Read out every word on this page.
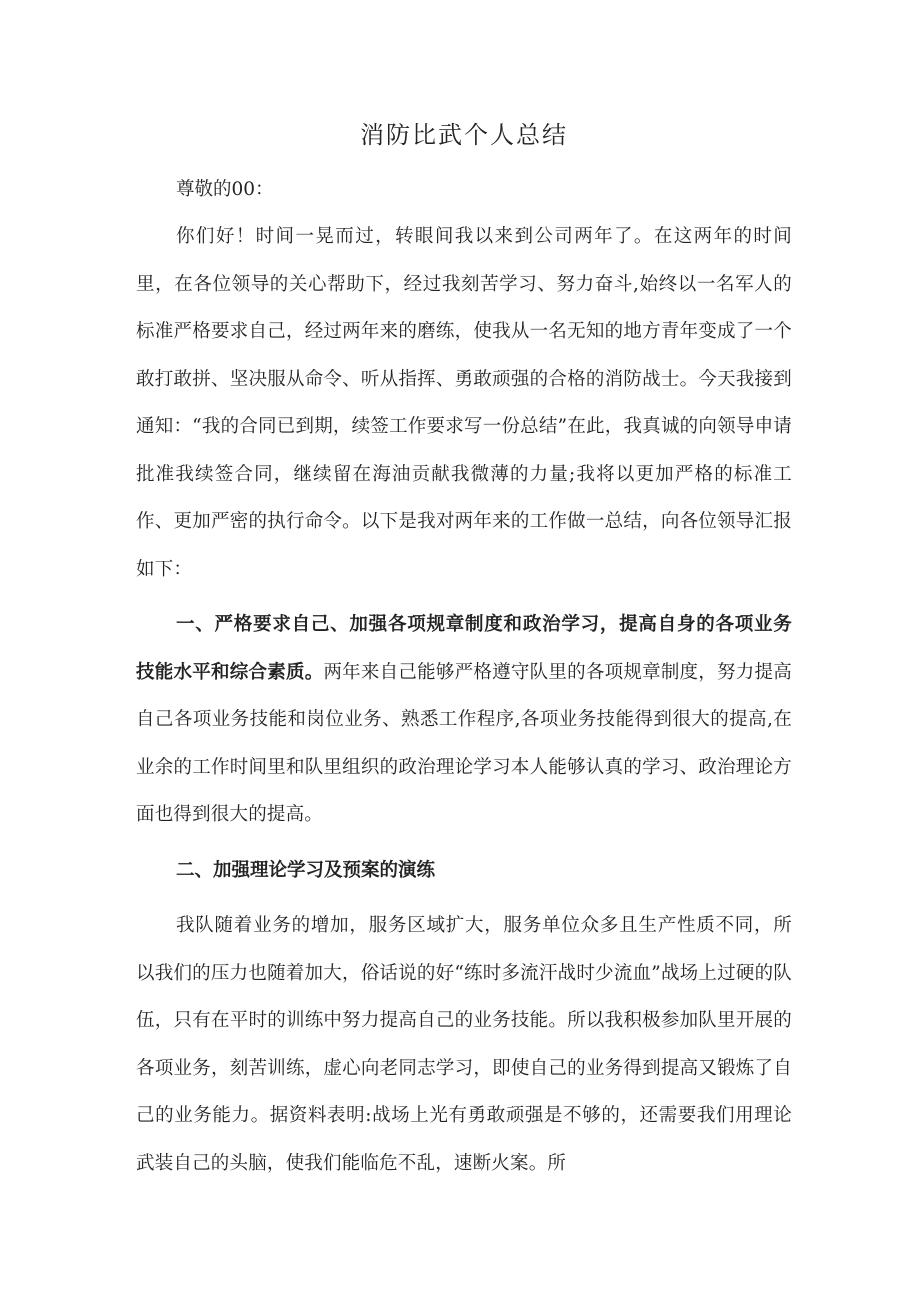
消防比武个人总结

尊敬的00：

你们好！时间一晃而过，转眼间我以来到公司两年了。在这两年的时间里，在各位领导的关心帮助下，经过我刻苦学习、努力奋斗,始终以一名军人的标准严格要求自己，经过两年来的磨练，使我从一名无知的地方青年变成了一个敢打敢拼、坚决服从命令、听从指挥、勇敢顽强的合格的消防战士。今天我接到通知：“我的合同已到期，续签工作要求写一份总结”在此，我真诚的向领导申请批准我续签合同，继续留在海油贡献我微薄的力量;我将以更加严格的标准工作、更加严密的执行命令。以下是我对两年来的工作做一总结，向各位领导汇报如下：

一、严格要求自己、加强各项规章制度和政治学习，提高自身的各项业务技能水平和综合素质。两年来自己能够严格遵守队里的各项规章制度，努力提高自己各项业务技能和岗位业务、熟悉工作程序,各项业务技能得到很大的提高,在业余的工作时间里和队里组织的政治理论学习本人能够认真的学习、政治理论方面也得到很大的提高。

二、加强理论学习及预案的演练

我队随着业务的增加，服务区域扩大，服务单位众多且生产性质不同，所以我们的压力也随着加大，俗话说的好“练时多流汗战时少流血”战场上过硬的队伍，只有在平时的训练中努力提高自己的业务技能。所以我积极参加队里开展的各项业务，刻苦训练，虚心向老同志学习，即使自己的业务得到提高又锻炼了自己的业务能力。据资料表明:战场上光有勇敢顽强是不够的，还需要我们用理论武装自己的头脑，使我们能临危不乱，速断火案。所
